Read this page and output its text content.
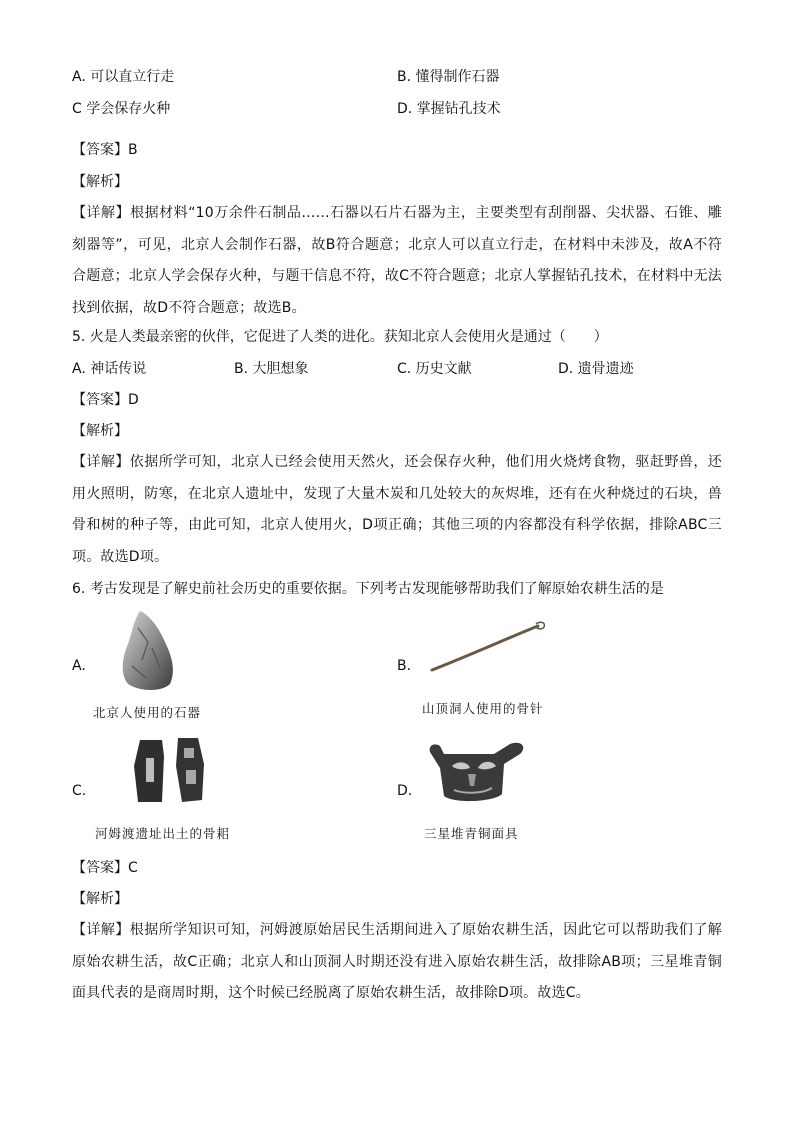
A. 可以直立行走	B. 懂得制作石器
C 学会保存火种	D. 掌握钻孔技术
【答案】B
【解析】
【详解】根据材料“10万余件石制品……石器以石片石器为主，主要类型有刮削器、尖状器、石锥、雕刻器等”，可见，北京人会制作石器，故B符合题意；北京人可以直立行走，在材料中未涉及，故A不符合题意；北京人学会保存火种，与题干信息不符，故C不符合题意；北京人掌握钻孔技术，在材料中无法找到依据，故D不符合题意；故选B。
5. 火是人类最亲密的伙伴，它促进了人类的进化。获知北京人会使用火是通过（　　）
A. 神话传说	B. 大胆想象	C. 历史文献	D. 遗骨遗迹
【答案】D
【解析】
【详解】依据所学可知，北京人已经会使用天然火，还会保存火种，他们用火烧烤食物，驱赶野兽，还用火照明，防寒，在北京人遗址中，发现了大量木炭和几处较大的灰烬堆，还有在火种烧过的石块，兽骨和树的种子等，由此可知，北京人使用火，D项正确；其他三项的内容都没有科学依据，排除ABC三项。故选D项。
6. 考古发现是了解史前社会历史的重要依据。下列考古发现能够帮助我们了解原始农耕生活的是
A.
北京人使用的石器
B.
山顶洞人使用的骨针
C.
河姆渡遗址出土的骨耜
D.
三星堆青铜面具
【答案】C
【解析】
【详解】根据所学知识可知，河姆渡原始居民生活期间进入了原始农耕生活，因此它可以帮助我们了解原始农耕生活，故C正确；北京人和山顶洞人时期还没有进入原始农耕生活，故排除AB项；三星堆青铜面具代表的是商周时期，这个时候已经脱离了原始农耕生活，故排除D项。故选C。
